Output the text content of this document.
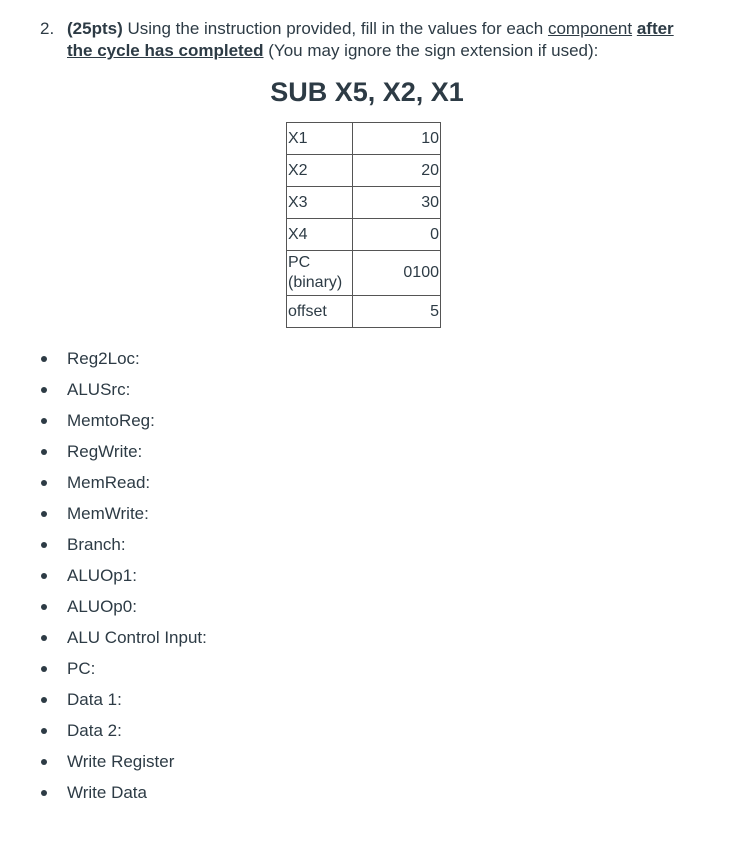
2. (25pts) Using the instruction provided, fill in the values for each component after
the cycle has completed (You may ignore the sign extension if used):
SUB X5, X2, X1
X1	10
X2	20
X3	30
X4	0
PC (binary)	0100
offset	5
Reg2Loc:
ALUSrc:
MemtoReg:
RegWrite:
MemRead:
MemWrite:
Branch:
ALUOp1:
ALUOp0:
ALU Control Input:
PC:
Data 1:
Data 2:
Write Register
Write Data
